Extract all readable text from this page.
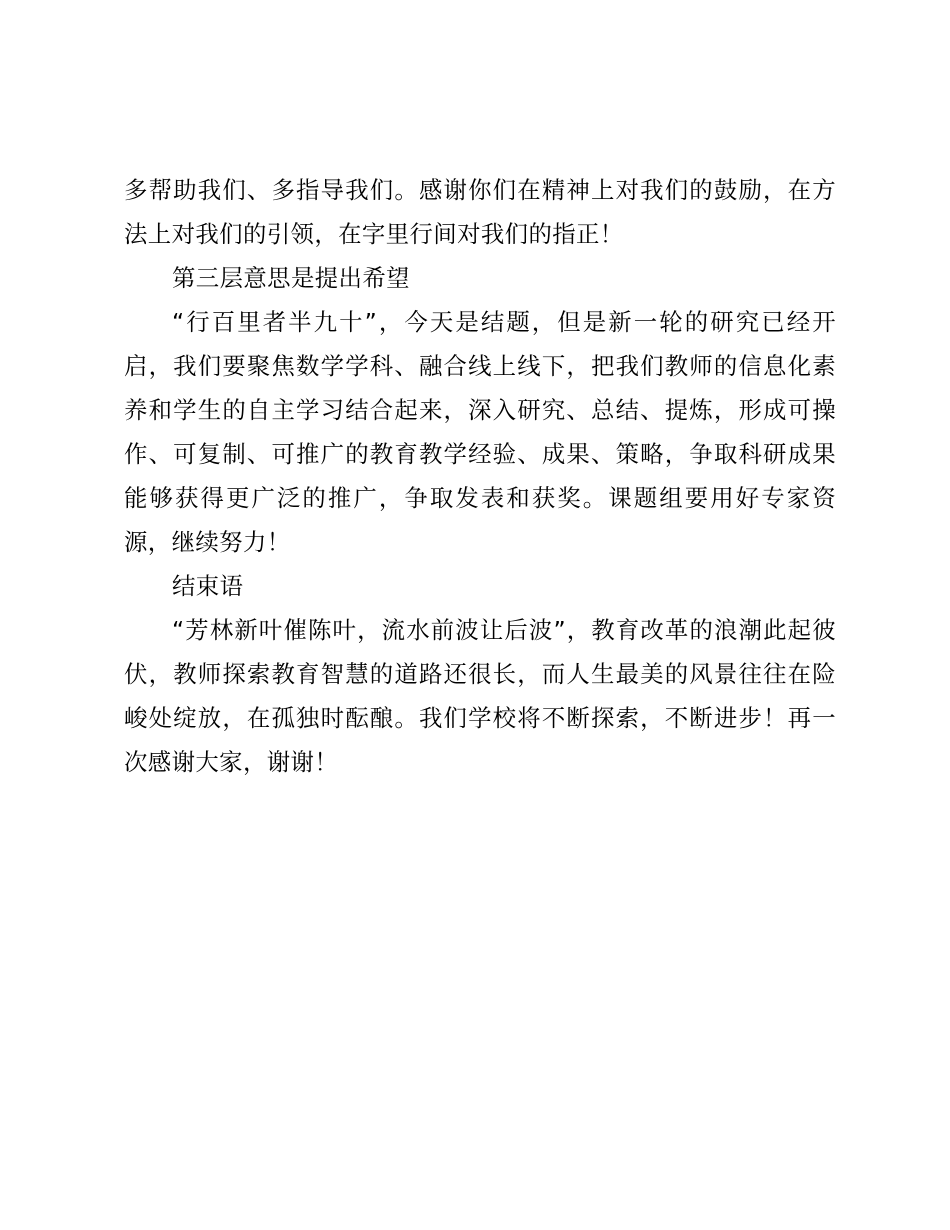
多帮助我们、多指导我们。感谢你们在精神上对我们的鼓励，在方法上对我们的引领，在字里行间对我们的指正！

第三层意思是提出希望

“行百里者半九十”，今天是结题，但是新一轮的研究已经开启，我们要聚焦数学学科、融合线上线下，把我们教师的信息化素养和学生的自主学习结合起来，深入研究、总结、提炼，形成可操作、可复制、可推广的教育教学经验、成果、策略，争取科研成果能够获得更广泛的推广，争取发表和获奖。课题组要用好专家资源，继续努力！

结束语

“芳林新叶催陈叶，流水前波让后波”，教育改革的浪潮此起彼伏，教师探索教育智慧的道路还很长，而人生最美的风景往往在险峻处绽放，在孤独时酝酿。我们学校将不断探索，不断进步！再一次感谢大家，谢谢！
